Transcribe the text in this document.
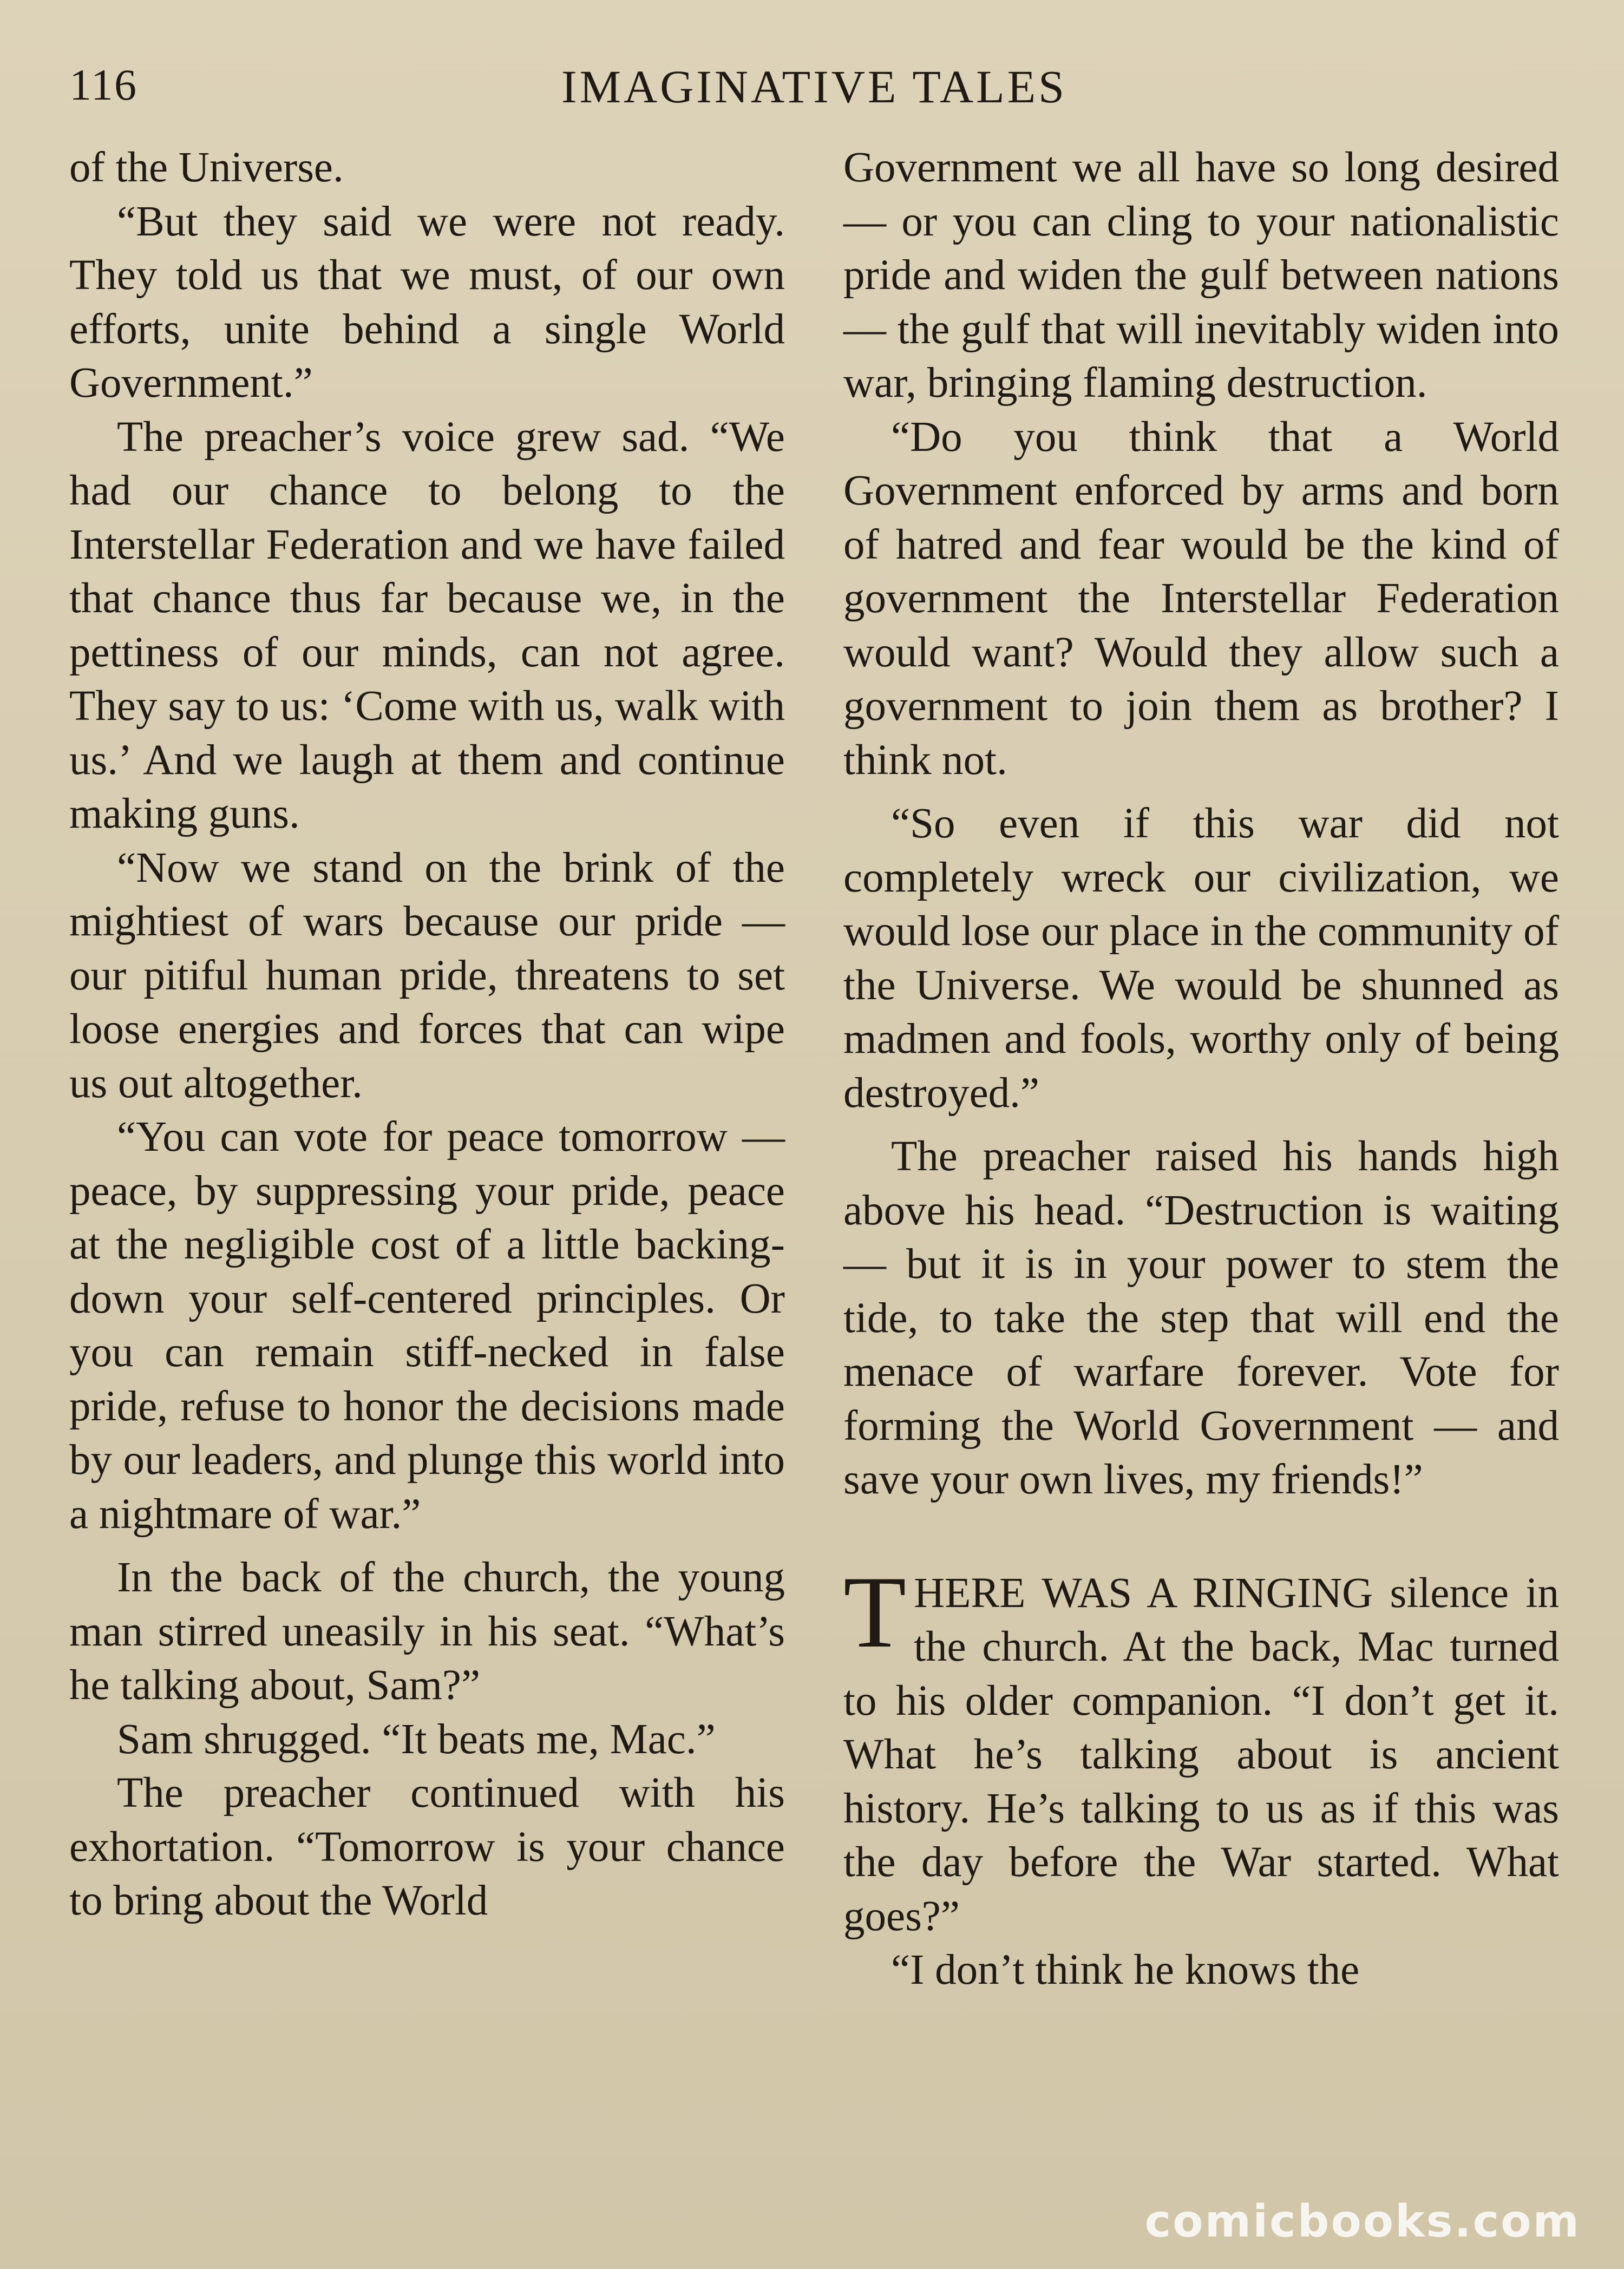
116	IMAGINATIVE TALES

of the Universe.

“But they said we were not ready. They told us that we must, of our own efforts, unite behind a single World Government.”

The preacher’s voice grew sad. “We had our chance to belong to the Interstellar Federation and we have failed that chance thus far because we, in the pettiness of our minds, can not agree. They say to us: ‘Come with us, walk with us.’ And we laugh at them and continue making guns.

“Now we stand on the brink of the mightiest of wars because our pride — our pitiful human pride, threatens to set loose energies and forces that can wipe us out altogether.

“You can vote for peace tomorrow — peace, by suppressing your pride, peace at the negligible cost of a little backing-down your self-centered principles. Or you can remain stiff-necked in false pride, refuse to honor the decisions made by our leaders, and plunge this world into a nightmare of war.”

In the back of the church, the young man stirred uneasily in his seat. “What’s he talking about, Sam?”

Sam shrugged. “It beats me, Mac.”

The preacher continued with his exhortation. “Tomorrow is your chance to bring about the World

Government we all have so long desired — or you can cling to your nationalistic pride and widen the gulf between nations — the gulf that will inevitably widen into war, bringing flaming destruction.

“Do you think that a World Government enforced by arms and born of hatred and fear would be the kind of government the Interstellar Federation would want? Would they allow such a government to join them as brother? I think not.

“So even if this war did not completely wreck our civilization, we would lose our place in the community of the Universe. We would be shunned as madmen and fools, worthy only of being destroyed.”

The preacher raised his hands high above his head. “Destruction is waiting — but it is in your power to stem the tide, to take the step that will end the menace of warfare forever. Vote for forming the World Government — and save your own lives, my friends!”

THERE WAS A RINGING silence in the church. At the back, Mac turned to his older companion. “I don’t get it. What he’s talking about is ancient history. He’s talking to us as if this was the day before the War started. What goes?”

“I don’t think he knows the

comicbooks.com
